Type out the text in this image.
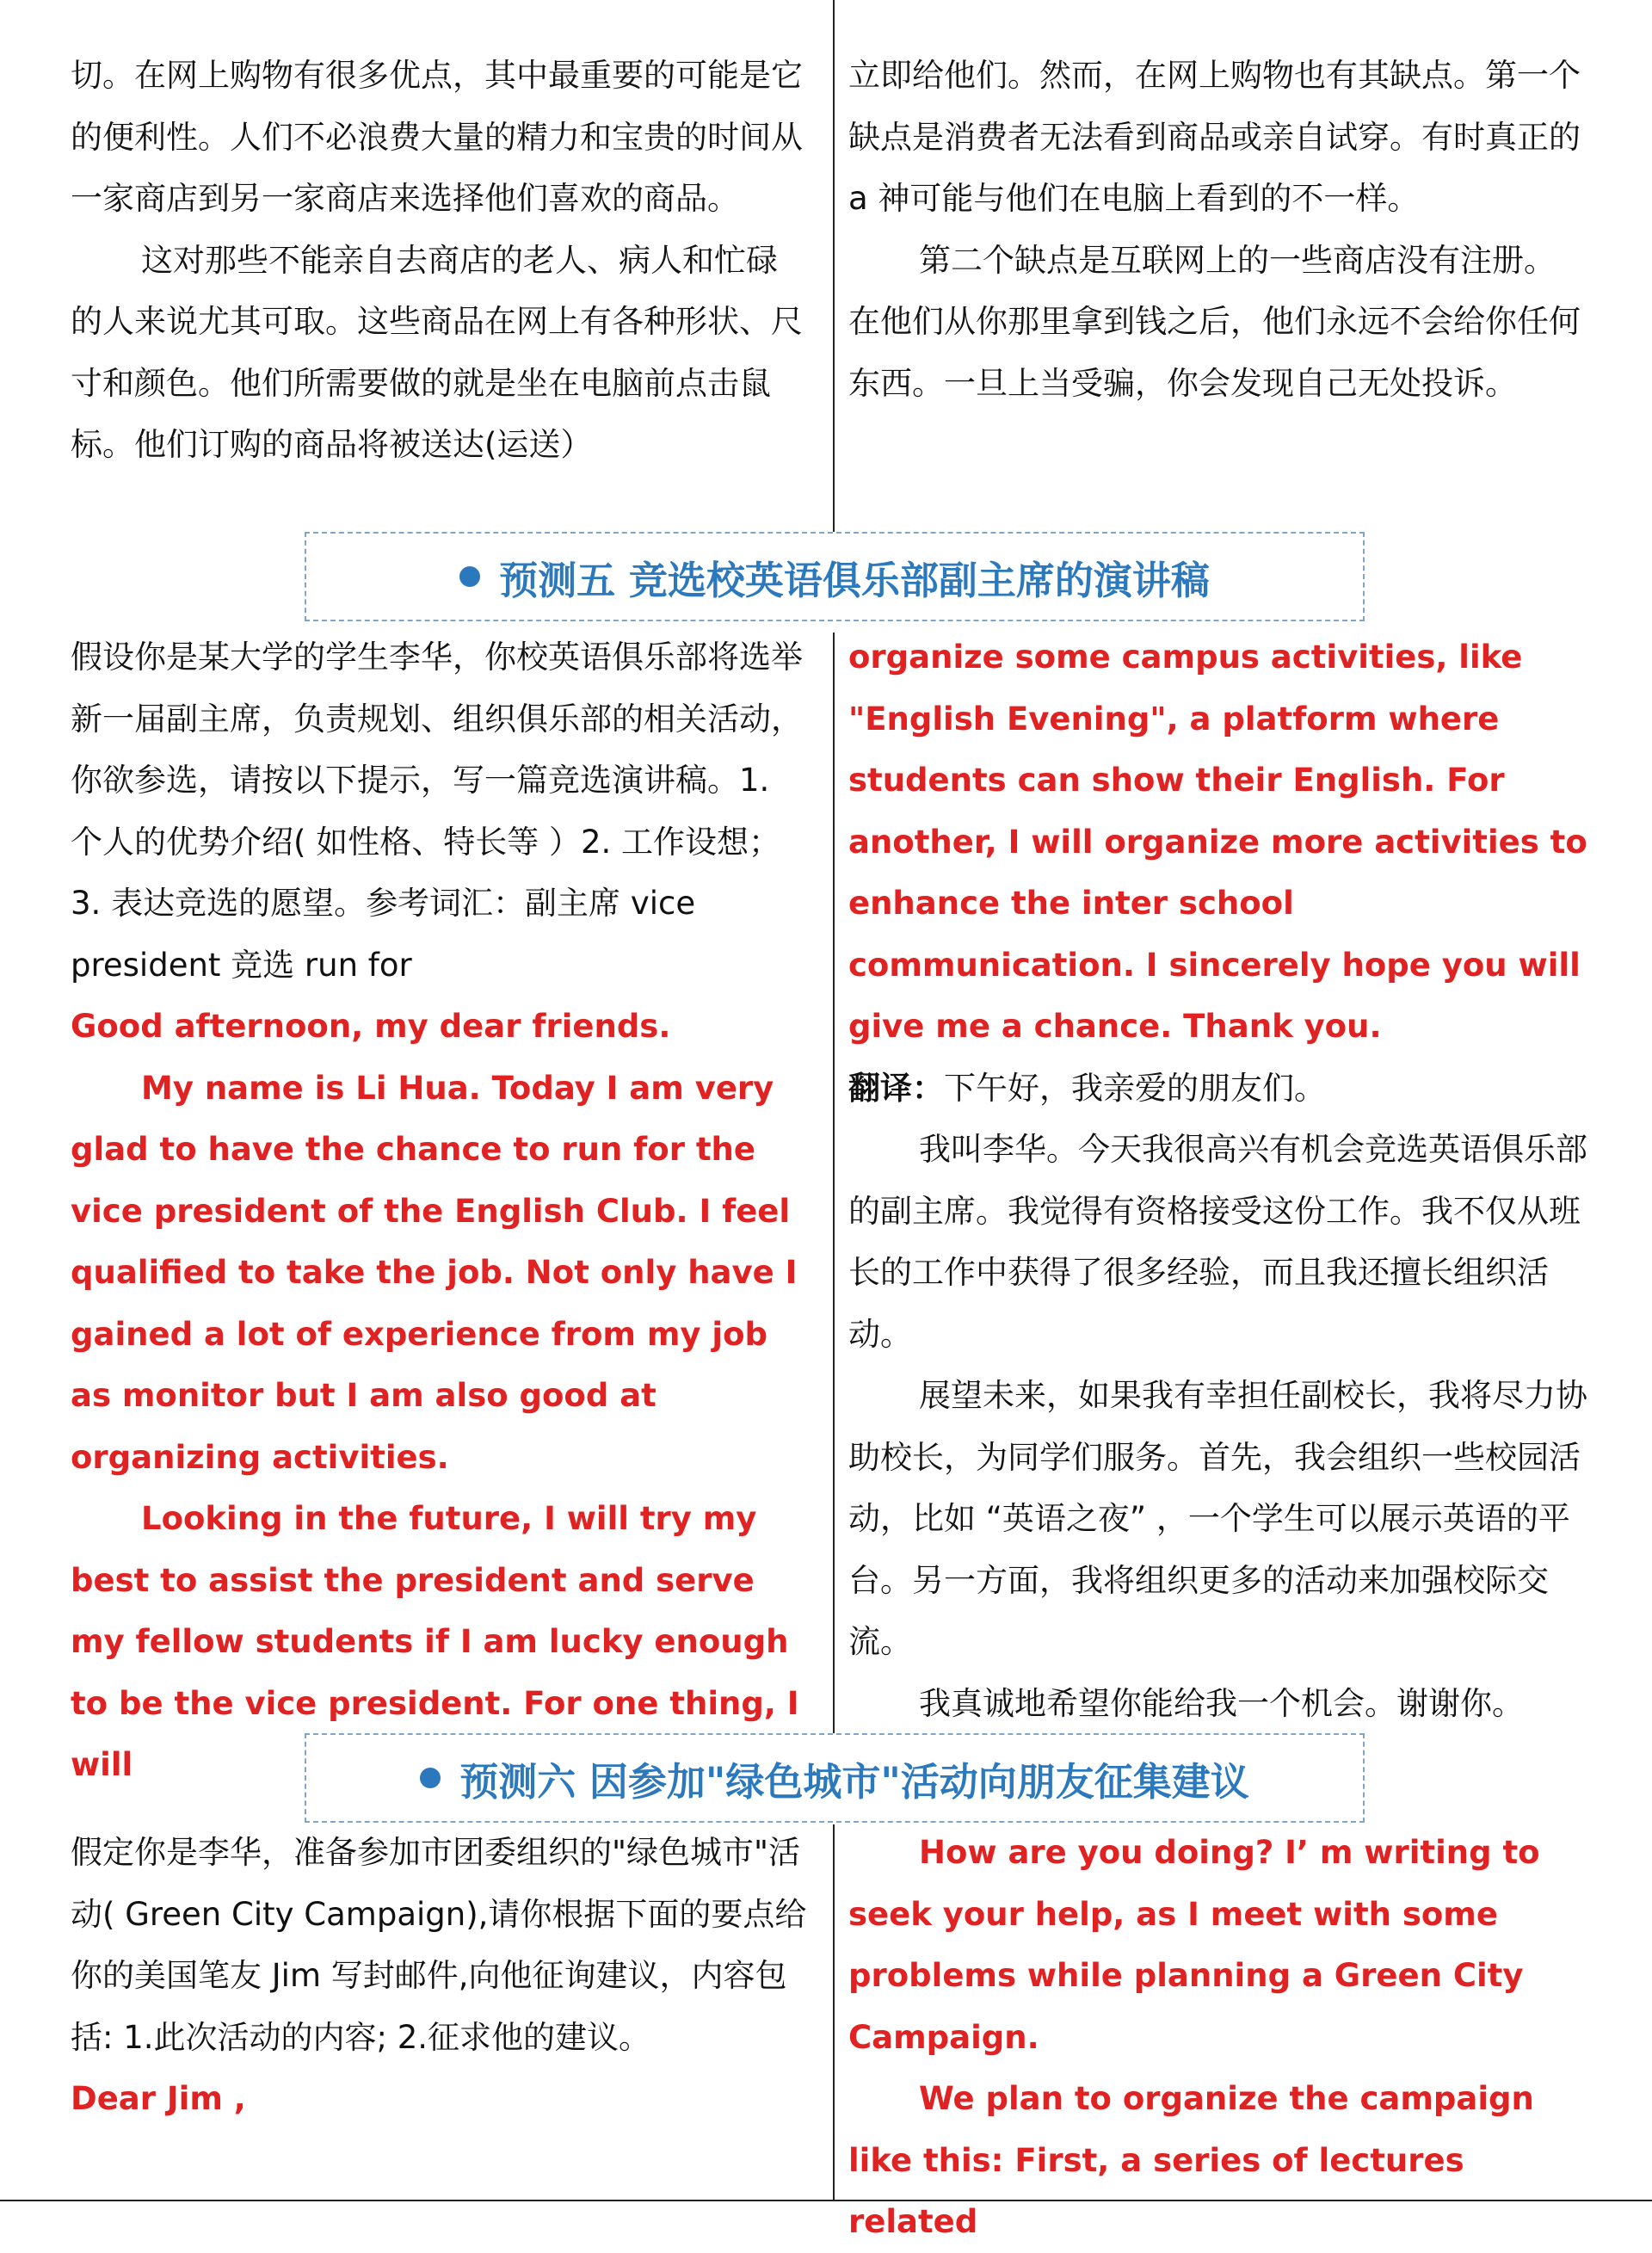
切。在网上购物有很多优点，其中最重要的可能是它的便利性。人们不必浪费大量的精力和宝贵的时间从一家商店到另一家商店来选择他们喜欢的商品。

这对那些不能亲自去商店的老人、病人和忙碌的人来说尤其可取。这些商品在网上有各种形状、尺寸和颜色。他们所需要做的就是坐在电脑前点击鼠标。他们订购的商品将被送达(运送）

立即给他们。然而，在网上购物也有其缺点。第一个缺点是消费者无法看到商品或亲自试穿。有时真正的 a 神可能与他们在电脑上看到的不一样。

第二个缺点是互联网上的一些商店没有注册。在他们从你那里拿到钱之后，他们永远不会给你任何东西。一旦上当受骗，你会发现自己无处投诉。

预测五 竞选校英语俱乐部副主席的演讲稿

假设你是某大学的学生李华，你校英语俱乐部将选举新一届副主席，负责规划、组织俱乐部的相关活动，你欲参选，请按以下提示，写一篇竞选演讲稿。1. 个人的优势介绍( 如性格、特长等 ）2. 工作设想；3. 表达竞选的愿望。参考词汇：副主席 vice president 竞选 run for

Good afternoon, my dear friends.

My name is Li Hua. Today I am very glad to have the chance to run for the vice president of the English Club. I feel qualified to take the job. Not only have I gained a lot of experience from my job as monitor but I am also good at organizing activities.

Looking in the future, I will try my best to assist the president and serve my fellow students if I am lucky enough to be the vice president. For one thing, I will

organize some campus activities, like "English Evening", a platform where students can show their English. For another, I will organize more activities to enhance the inter school communication. I sincerely hope you will give me a chance. Thank you.

翻译：下午好，我亲爱的朋友们。

我叫李华。今天我很高兴有机会竞选英语俱乐部的副主席。我觉得有资格接受这份工作。我不仅从班长的工作中获得了很多经验，而且我还擅长组织活动。

展望未来，如果我有幸担任副校长，我将尽力协助校长，为同学们服务。首先，我会组织一些校园活动，比如 “英语之夜” ，一个学生可以展示英语的平台。另一方面，我将组织更多的活动来加强校际交流。

我真诚地希望你能给我一个机会。谢谢你。

预测六 因参加"绿色城市"活动向朋友征集建议

假定你是李华，准备参加市团委组织的"绿色城市"活动( Green City Campaign),请你根据下面的要点给你的美国笔友 Jim 写封邮件,向他征询建议，内容包括: 1.此次活动的内容; 2.征求他的建议。

Dear Jim ,

How are you doing? I’ m writing to seek your help, as I meet with some problems while planning a Green City Campaign.

We plan to organize the campaign like this: First, a series of lectures related
